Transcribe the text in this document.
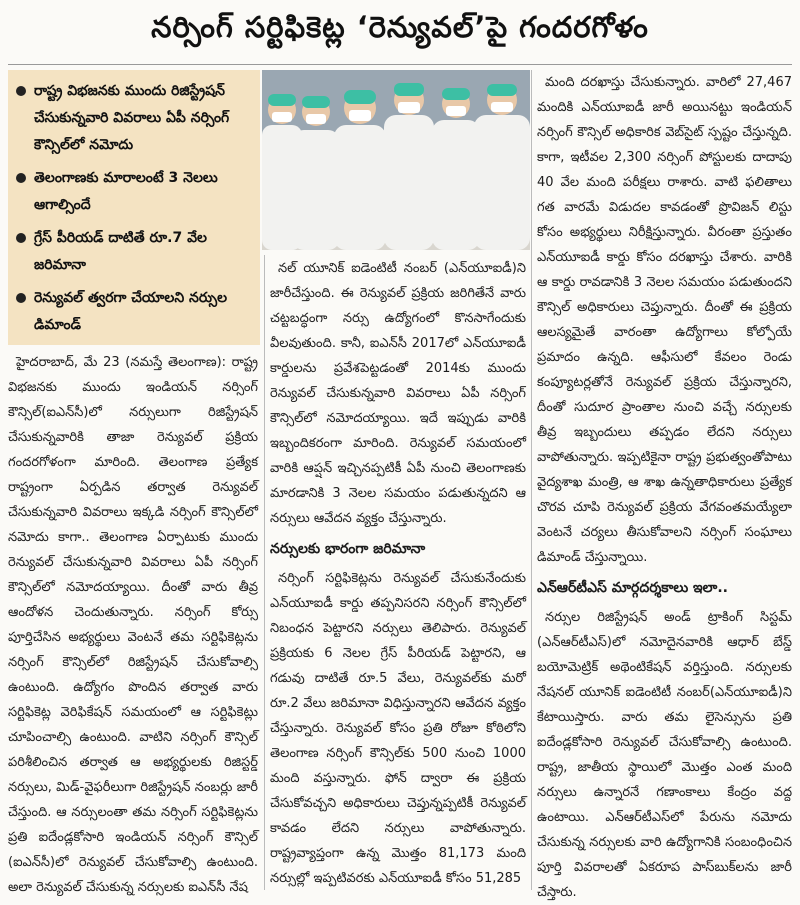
నర్సింగ్ సర్టిఫికెట్ల ‘రెన్యువల్’పై గందరగోళం
రాష్ట్ర విభజనకు ముందు రిజిస్ట్రేషన్ చేసుకున్నవారి వివరాలు ఏపీ నర్సింగ్ కౌన్సిల్‌లో నమోదు
తెలంగాణకు మారాలంటే 3 నెలలు ఆగాల్సిందే
గ్రేస్ పీరియడ్ దాటితే రూ.7 వేల జరిమానా
రెన్యువల్ త్వరగా చేయాలని నర్సుల డిమాండ్

హైదరాబాద్, మే 23 (నమస్తే తెలంగాణ): రాష్ట్ర విభజనకు ముందు ఇండియన్ నర్సింగ్ కౌన్సిల్(ఐఎన్‌సీ)లో నర్సులుగా రిజిస్ట్రేషన్ చేసుకున్నవారికి తాజా రెన్యువల్ ప్రక్రియ గందరగోళంగా మారింది. తెలంగాణ ప్రత్యేక రాష్ట్రంగా ఏర్పడిన తర్వాత రెన్యువల్ చేసుకున్నవారి వివరాలు ఇక్కడి నర్సింగ్ కౌన్సిల్‌లో నమోదు కాగా.. తెలంగాణ ఏర్పాటుకు ముందు రెన్యువల్ చేసుకున్నవారి వివరాలు ఏపీ నర్సింగ్ కౌన్సిల్‌లో నమోదయ్యాయి. దీంతో వారు తీవ్ర ఆందోళన చెందుతున్నారు. నర్సింగ్ కోర్సు పూర్తిచేసిన అభ్యర్థులు వెంటనే తమ సర్టిఫికెట్లను నర్సింగ్ కౌన్సిల్‌లో రిజిస్ట్రేషన్ చేసుకోవాల్సి ఉంటుంది. ఉద్యోగం పొందిన తర్వాత వారు సర్టిఫికెట్ల వెరిఫికేషన్ సమయంలో ఆ సర్టిఫికెట్లు చూపించాల్సి ఉంటుంది. వాటిని నర్సింగ్ కౌన్సిల్ పరిశీలించిన తర్వాత ఆ అభ్యర్థులకు రిజిస్టర్డ్ నర్సులు, మిడ్-వైఫరీలుగా రిజిస్ట్రేషన్ నంబర్లు జారీ చేస్తుంది. ఆ నర్సులంతా తమ నర్సింగ్ సర్టిఫికెట్లను ప్రతి ఐదేండ్లకోసారి ఇండియన్ నర్సింగ్ కౌన్సిల్ (ఐఎన్‌సీ)లో రెన్యువల్ చేసుకోవాల్సి ఉంటుంది. అలా రెన్యువల్ చేసుకున్న నర్సులకు ఐఎన్‌సీ నేష

నల్ యూనిక్ ఐడెంటిటీ నంబర్ (ఎన్‌యూఐడీ)ని జారీచేస్తుంది. ఈ రెన్యువల్ ప్రక్రియ జరిగితేనే వారు చట్టబద్ధంగా నర్సు ఉద్యోగంలో కొనసాగేందుకు వీలవుతుంది. కానీ, ఐఎన్‌సీ 2017లో ఎన్‌యూఐడీ కార్డులను ప్రవేశపెట్టడంతో 2014కు ముందు రెన్యువల్ చేసుకున్నవారి వివరాలు ఏపీ నర్సింగ్ కౌన్సిల్‌లో నమోదయ్యాయి. ఇదే ఇప్పుడు వారికి ఇబ్బందికరంగా మారింది. రెన్యువల్ సమయంలో వారికి ఆప్షన్ ఇచ్చినప్పటికీ ఏపీ నుంచి తెలంగాణకు మారడానికి 3 నెలల సమయం పడుతున్నదని ఆ నర్సులు ఆవేదన వ్యక్తం చేస్తున్నారు.

నర్సులకు భారంగా జరిమానా

నర్సింగ్ సర్టిఫికెట్లను రెన్యువల్ చేసుకునేందుకు ఎన్‌యూఐడీ కార్డు తప్పనిసరని నర్సింగ్ కౌన్సిల్‌లో నిబంధన పెట్టారని నర్సులు తెలిపారు. రెన్యువల్ ప్రక్రియకు 6 నెలల గ్రేస్ పీరియడ్ పెట్టారని, ఆ గడువు దాటితే రూ.5 వేలు, రెన్యువల్‌కు మరో రూ.2 వేలు జరిమానా విధిస్తున్నారని ఆవేదన వ్యక్తం చేస్తున్నారు. రెన్యువల్ కోసం ప్రతి రోజూ కోఠిలోని తెలంగాణ నర్సింగ్ కౌన్సిల్‌కు 500 నుంచి 1000 మంది వస్తున్నారు. ఫోన్ ద్వారా ఈ ప్రక్రియ చేసుకోవచ్చని అధికారులు చెప్తున్నప్పటికీ రెన్యువల్ కావడం లేదని నర్సులు వాపోతున్నారు. రాష్ట్రవ్యాప్తంగా ఉన్న మొత్తం 81,173 మంది నర్సుల్లో ఇప్పటివరకు ఎన్‌యూఐడీ కోసం 51,285

మంది దరఖాస్తు చేసుకున్నారు. వారిలో 27,467 మందికి ఎన్‌యూఐడీ జారీ అయినట్టు ఇండియన్ నర్సింగ్ కౌన్సిల్ అధికారిక వెబ్‌సైట్ స్పష్టం చేస్తున్నది. కాగా, ఇటీవల 2,300 నర్సింగ్ పోస్టులకు దాదాపు 40 వేల మంది పరీక్షలు రాశారు. వాటి ఫలితాలు గత వారమే విడుదల కావడంతో ప్రొవిజన్ లిస్టు కోసం అభ్యర్థులు నిరీక్షిస్తున్నారు. వీరంతా ప్రస్తుతం ఎన్‌యూఐడీ కార్డు కోసం దరఖాస్తు చేశారు. వారికి ఆ కార్డు రావడానికి 3 నెలల సమయం పడుతుందని కౌన్సిల్ అధికారులు చెప్తున్నారు. దీంతో ఈ ప్రక్రియ ఆలస్యమైతే వారంతా ఉద్యోగాలు కోల్పోయే ప్రమాదం ఉన్నది. ఆఫీసులో కేవలం రెండు కంప్యూటర్లతోనే రెన్యువల్ ప్రక్రియ చేస్తున్నారని, దీంతో సుదూర ప్రాంతాల నుంచి వచ్చే నర్సులకు తీవ్ర ఇబ్బందులు తప్పడం లేదని నర్సులు వాపోతున్నారు. ఇప్పటికైనా రాష్ట్ర ప్రభుత్వంతోపాటు వైద్యశాఖ మంత్రి, ఆ శాఖ ఉన్నతాధికారులు ప్రత్యేక చొరవ చూపి రెన్యువల్ ప్రక్రియ వేగవంతమయ్యేలా వెంటనే చర్యలు తీసుకోవాలని నర్సింగ్ సంఘాలు డిమాండ్ చేస్తున్నాయి.

ఎన్‌ఆర్‌టీఎస్ మార్గదర్శకాలు ఇలా..

నర్సుల రిజిస్ట్రేషన్ అండ్ ట్రాకింగ్ సిస్టమ్ (ఎన్‌ఆర్‌టీఎస్)లో నమోదైనవారికి ఆధార్ బేస్డ్ బయోమెట్రిక్ అథెంటికేషన్ వర్తిస్తుంది. నర్సులకు నేషనల్ యూనిక్ ఐడెంటిటీ నంబర్(ఎన్‌యూఐడీ)ని కేటాయిస్తారు. వారు తమ లైసెన్సును ప్రతి ఐదేండ్లకోసారి రెన్యువల్ చేసుకోవాల్సి ఉంటుంది. రాష్ట్ర, జాతీయ స్థాయిలో మొత్తం ఎంత మంది నర్సులు ఉన్నారనే గణాంకాలు కేంద్రం వద్ద ఉంటాయి. ఎన్‌ఆర్‌టీఎస్‌లో పేరును నమోదు చేసుకున్న నర్సులకు వారి ఉద్యోగానికి సంబంధించిన పూర్తి వివరాలతో ఏకరూప పాస్‌బుక్‌లను జారీ చేస్తారు.
